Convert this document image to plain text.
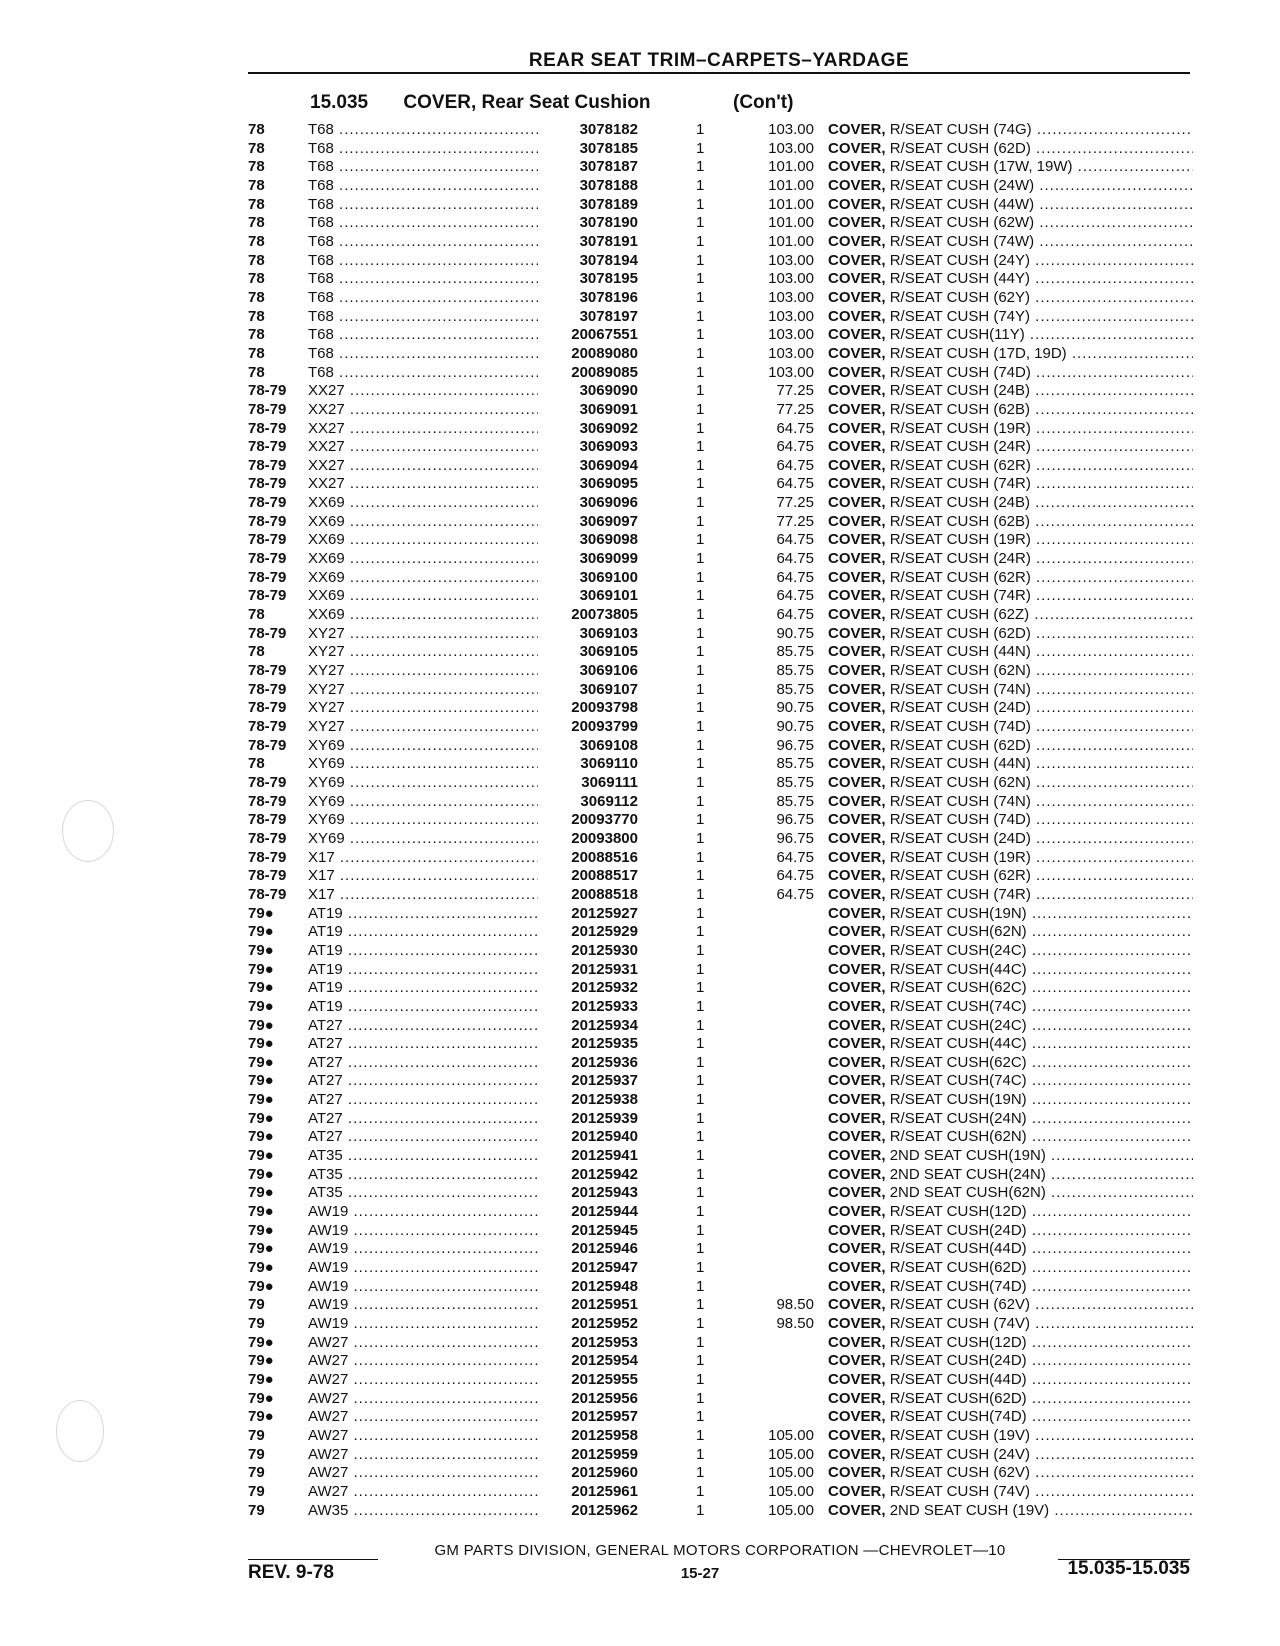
REAR SEAT TRIM–CARPETS–YARDAGE
15.035 COVER, Rear Seat Cushion	(Con't)
78	T68 .....	3078182	1	103.00 COVER, R/SEAT CUSH (74G) .....
78	T68 .....	3078185	1	103.00 COVER, R/SEAT CUSH (62D) .....
78	T68 .....	3078187	1	101.00 COVER, R/SEAT CUSH (17W, 19W) .....
78	T68 .....	3078188	1	101.00 COVER, R/SEAT CUSH (24W) .....
78	T68 .....	3078189	1	101.00 COVER, R/SEAT CUSH (44W) .....
78	T68 .....	3078190	1	101.00 COVER, R/SEAT CUSH (62W) .....
78	T68 .....	3078191	1	101.00 COVER, R/SEAT CUSH (74W) .....
78	T68 .....	3078194	1	103.00 COVER, R/SEAT CUSH (24Y) .....
78	T68 .....	3078195	1	103.00 COVER, R/SEAT CUSH (44Y) .....
78	T68 .....	3078196	1	103.00 COVER, R/SEAT CUSH (62Y) .....
78	T68 .....	3078197	1	103.00 COVER, R/SEAT CUSH (74Y) .....
78	T68 .....	20067551	1	103.00 COVER, R/SEAT CUSH(11Y) .....
78	T68 .....	20089080	1	103.00 COVER, R/SEAT CUSH (17D, 19D) .....
78	T68 .....	20089085	1	103.00 COVER, R/SEAT CUSH (74D) .....
78-79 XX27 .....	3069090	1	77.25 COVER, R/SEAT CUSH (24B) .....
78-79 XX27 .....	3069091	1	77.25 COVER, R/SEAT CUSH (62B) .....
78-79 XX27 .....	3069092	1	64.75 COVER, R/SEAT CUSH (19R) .....
78-79 XX27 .....	3069093	1	64.75 COVER, R/SEAT CUSH (24R) .....
78-79 XX27 .....	3069094	1	64.75 COVER, R/SEAT CUSH (62R) .....
78-79 XX27 .....	3069095	1	64.75 COVER, R/SEAT CUSH (74R) .....
78-79 XX69 .....	3069096	1	77.25 COVER, R/SEAT CUSH (24B) .....
78-79 XX69 .....	3069097	1	77.25 COVER, R/SEAT CUSH (62B) .....
78-79 XX69 .....	3069098	1	64.75 COVER, R/SEAT CUSH (19R) .....
78-79 XX69 .....	3069099	1	64.75 COVER, R/SEAT CUSH (24R) .....
78-79 XX69 .....	3069100	1	64.75 COVER, R/SEAT CUSH (62R) .....
78-79 XX69 .....	3069101	1	64.75 COVER, R/SEAT CUSH (74R) .....
78	XX69 .....	20073805	1	64.75 COVER, R/SEAT CUSH (62Z) .....
78-79 XY27 .....	3069103	1	90.75 COVER, R/SEAT CUSH (62D) .....
78	XY27 .....	3069105	1	85.75 COVER, R/SEAT CUSH (44N) .....
78-79 XY27 .....	3069106	1	85.75 COVER, R/SEAT CUSH (62N) .....
78-79 XY27 .....	3069107	1	85.75 COVER, R/SEAT CUSH (74N) .....
78-79 XY27 .....	20093798	1	90.75 COVER, R/SEAT CUSH (24D) .....
78-79 XY27 .....	20093799	1	90.75 COVER, R/SEAT CUSH (74D) .....
78-79 XY69 .....	3069108	1	96.75 COVER, R/SEAT CUSH (62D) .....
78	XY69 .....	3069110	1	85.75 COVER, R/SEAT CUSH (44N) .....
78-79 XY69 .....	3069111	1	85.75 COVER, R/SEAT CUSH (62N) .....
78-79 XY69 .....	3069112	1	85.75 COVER, R/SEAT CUSH (74N) .....
78-79 XY69 .....	20093770	1	96.75 COVER, R/SEAT CUSH (74D) .....
78-79 XY69 .....	20093800	1	96.75 COVER, R/SEAT CUSH (24D) .....
78-79 X17 .....	20088516	1	64.75 COVER, R/SEAT CUSH (19R) .....
78-79 X17 .....	20088517	1	64.75 COVER, R/SEAT CUSH (62R) .....
78-79 X17 .....	20088518	1	64.75 COVER, R/SEAT CUSH (74R) .....
79● AT19 .....	20125927	1	COVER, R/SEAT CUSH(19N) .....
79● AT19 .....	20125929	1	COVER, R/SEAT CUSH(62N) .....
79● AT19 .....	20125930	1	COVER, R/SEAT CUSH(24C) .....
79● AT19 .....	20125931	1	COVER, R/SEAT CUSH(44C) .....
79● AT19 .....	20125932	1	COVER, R/SEAT CUSH(62C) .....
79● AT19 .....	20125933	1	COVER, R/SEAT CUSH(74C) .....
79● AT27 .....	20125934	1	COVER, R/SEAT CUSH(24C) .....
79● AT27 .....	20125935	1	COVER, R/SEAT CUSH(44C) .....
79● AT27 .....	20125936	1	COVER, R/SEAT CUSH(62C) .....
79● AT27 .....	20125937	1	COVER, R/SEAT CUSH(74C) .....
79● AT27 .....	20125938	1	COVER, R/SEAT CUSH(19N) .....
79● AT27 .....	20125939	1	COVER, R/SEAT CUSH(24N) .....
79● AT27 .....	20125940	1	COVER, R/SEAT CUSH(62N) .....
79● AT35 .....	20125941	1	COVER, 2ND SEAT CUSH(19N) .....
79● AT35 .....	20125942	1	COVER, 2ND SEAT CUSH(24N) .....
79● AT35 .....	20125943	1	COVER, 2ND SEAT CUSH(62N) .....
79● AW19 .....	20125944	1	COVER, R/SEAT CUSH(12D) .....
79● AW19 .....	20125945	1	COVER, R/SEAT CUSH(24D) .....
79● AW19 .....	20125946	1	COVER, R/SEAT CUSH(44D) .....
79● AW19 .....	20125947	1	COVER, R/SEAT CUSH(62D) .....
79● AW19 .....	20125948	1	COVER, R/SEAT CUSH(74D) .....
79	AW19 .....	20125951	1	98.50 COVER, R/SEAT CUSH (62V) .....
79	AW19 .....	20125952	1	98.50 COVER, R/SEAT CUSH (74V) .....
79● AW27 .....	20125953	1	COVER, R/SEAT CUSH(12D) .....
79● AW27 .....	20125954	1	COVER, R/SEAT CUSH(24D) .....
79● AW27 .....	20125955	1	COVER, R/SEAT CUSH(44D) .....
79● AW27 .....	20125956	1	COVER, R/SEAT CUSH(62D) .....
79● AW27 .....	20125957	1	COVER, R/SEAT CUSH(74D) .....
79	AW27 .....	20125958	1	105.00 COVER, R/SEAT CUSH (19V) .....
79	AW27 .....	20125959	1	105.00 COVER, R/SEAT CUSH (24V) .....
79	AW27 .....	20125960	1	105.00 COVER, R/SEAT CUSH (62V) .....
79	AW27 .....	20125961	1	105.00 COVER, R/SEAT CUSH (74V) .....
79	AW35 .....	20125962	1	105.00 COVER, 2ND SEAT CUSH (19V) .....
GM PARTS DIVISION, GENERAL MOTORS CORPORATION —CHEVROLET—10
REV. 9-78	15-27	15.035-15.035
